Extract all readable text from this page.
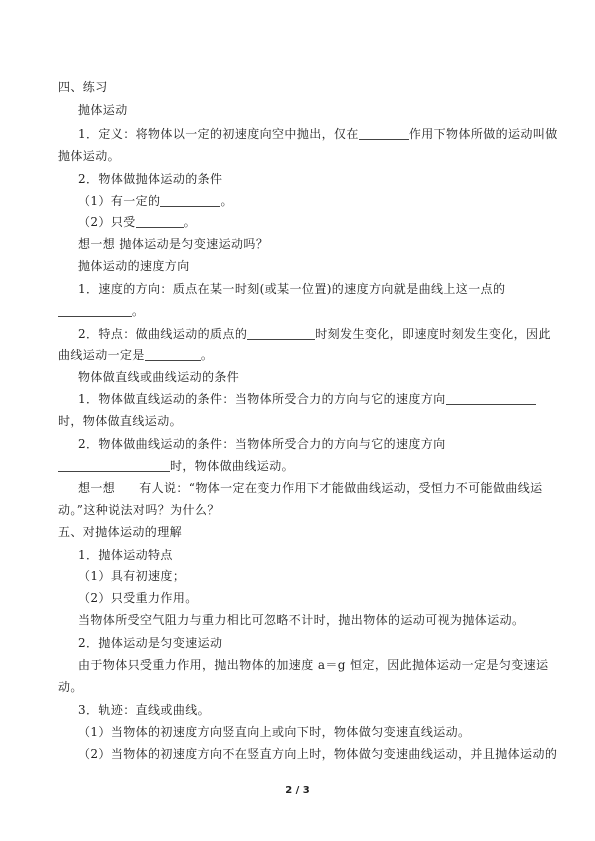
四、练习
抛体运动
1．定义：将物体以一定的初速度向空中抛出，仅在	作用下物体所做的运动叫做
抛体运动。
2．物体做抛体运动的条件
（1）有一定的	。
（2）只受	。
想一想 抛体运动是匀变速运动吗？
抛体运动的速度方向
1．速度的方向：质点在某一时刻(或某一位置)的速度方向就是曲线上这一点的
。
2．特点：做曲线运动的质点的	时刻发生变化，即速度时刻发生变化，因此
曲线运动一定是	。
物体做直线或曲线运动的条件
1．物体做直线运动的条件：当物体所受合力的方向与它的速度方向
时，物体做直线运动。
2．物体做曲线运动的条件：当物体所受合力的方向与它的速度方向
时，物体做曲线运动。
想一想 有人说：“物体一定在变力作用下才能做曲线运动，受恒力不可能做曲线运
动。”这种说法对吗？为什么？
五、对抛体运动的理解
1．抛体运动特点
（1）具有初速度；
（2）只受重力作用。
当物体所受空气阻力与重力相比可忽略不计时，抛出物体的运动可视为抛体运动。
2．抛体运动是匀变速运动
由于物体只受重力作用，抛出物体的加速度 a＝g 恒定，因此抛体运动一定是匀变速运
动。
3．轨迹：直线或曲线。
（1）当物体的初速度方向竖直向上或向下时，物体做匀变速直线运动。
（2）当物体的初速度方向不在竖直方向上时，物体做匀变速曲线运动，并且抛体运动的
2 / 3
